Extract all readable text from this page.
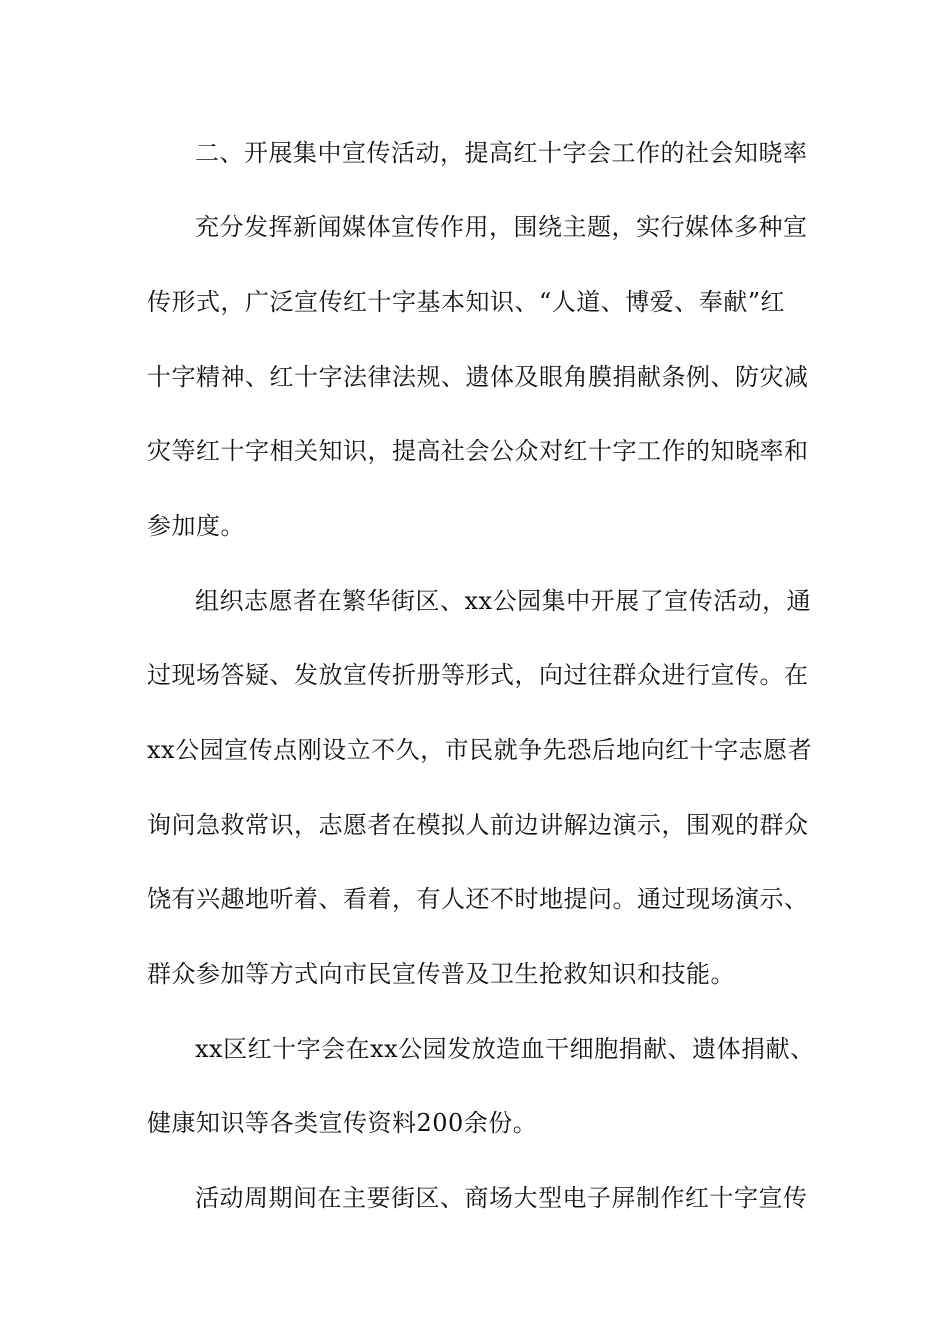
二、开展集中宣传活动，提高红十字会工作的社会知晓率
充分发挥新闻媒体宣传作用，围绕主题，实行媒体多种宣
传形式，广泛宣传红十字基本知识、“人道、博爱、奉献”红
十字精神、红十字法律法规、遗体及眼角膜捐献条例、防灾减
灾等红十字相关知识，提高社会公众对红十字工作的知晓率和
参加度。
组织志愿者在繁华街区、xx公园集中开展了宣传活动，通
过现场答疑、发放宣传折册等形式，向过往群众进行宣传。在
xx公园宣传点刚设立不久，市民就争先恐后地向红十字志愿者
询问急救常识，志愿者在模拟人前边讲解边演示，围观的群众
饶有兴趣地听着、看着，有人还不时地提问。通过现场演示、
群众参加等方式向市民宣传普及卫生抢救知识和技能。
xx区红十字会在xx公园发放造血干细胞捐献、遗体捐献、
健康知识等各类宣传资料200余份。
活动周期间在主要街区、商场大型电子屏制作红十字宣传
